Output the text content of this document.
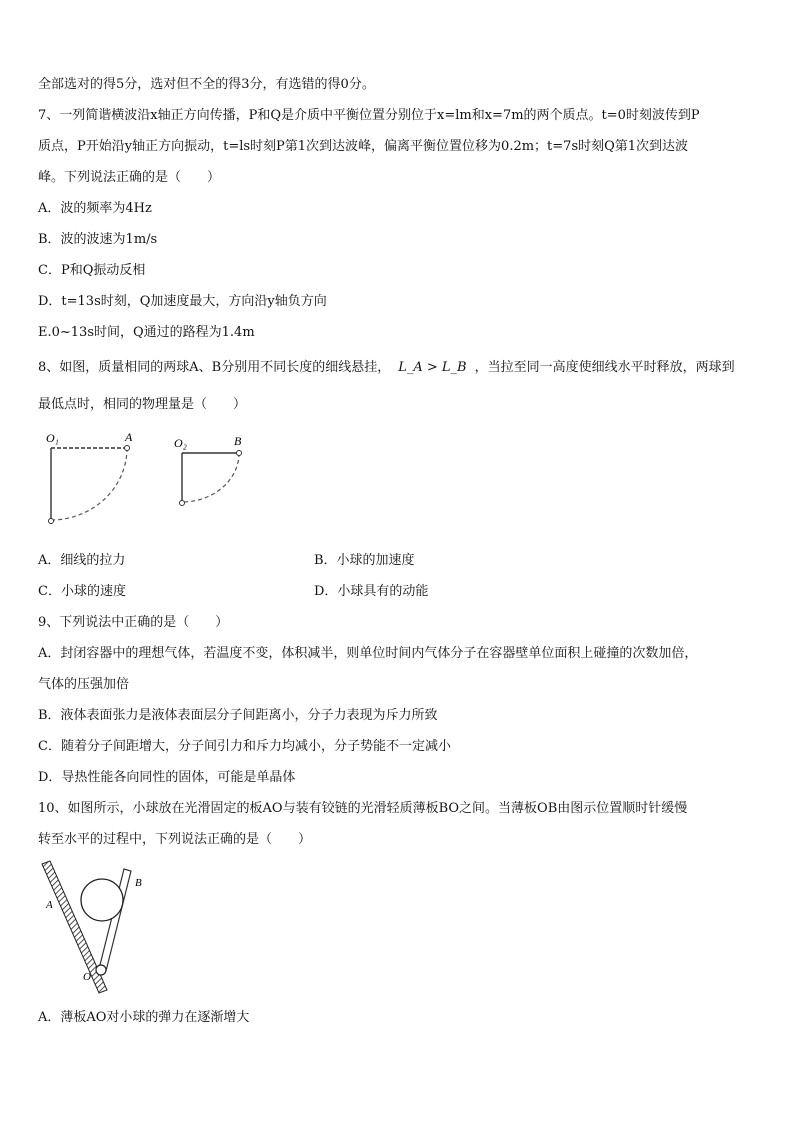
全部选对的得5分，选对但不全的得3分，有选错的得0分。
7、一列简谐横波沿x轴正方向传播，P和Q是介质中平衡位置分别位于x=lm和x=7m的两个质点。t=0时刻波传到P
质点，P开始沿y轴正方向振动，t=ls时刻P第1次到达波峰，偏离平衡位置位移为0.2m；t=7s时刻Q第1次到达波
峰。下列说法正确的是（　　）
A．波的频率为4Hz
B．波的波速为1m/s
C．P和Q振动反相
D．t=13s时刻，Q加速度最大，方向沿y轴负方向
E.0~13s时间，Q通过的路程为1.4m
8、如图，质量相同的两球A、B分别用不同长度的细线悬挂， L_A > L_B ，当拉至同一高度使细线水平时释放，两球到
最低点时，相同的物理量是（　　）
O₁	A	O₂	B
A．细线的拉力	B．小球的加速度
C．小球的速度	D．小球具有的动能
9、下列说法中正确的是（　　）
A．封闭容器中的理想气体，若温度不变，体积减半，则单位时间内气体分子在容器壁单位面积上碰撞的次数加倍，
气体的压强加倍
B．液体表面张力是液体表面层分子间距离小，分子力表现为斥力所致
C．随着分子间距增大，分子间引力和斥力均减小，分子势能不一定减小
D．导热性能各向同性的固体，可能是单晶体
10、如图所示，小球放在光滑固定的板AO与装有铰链的光滑轻质薄板BO之间。当薄板OB由图示位置顺时针缓慢
转至水平的过程中，下列说法正确的是（　　）
A
B
O
A．薄板AO对小球的弹力在逐渐增大
